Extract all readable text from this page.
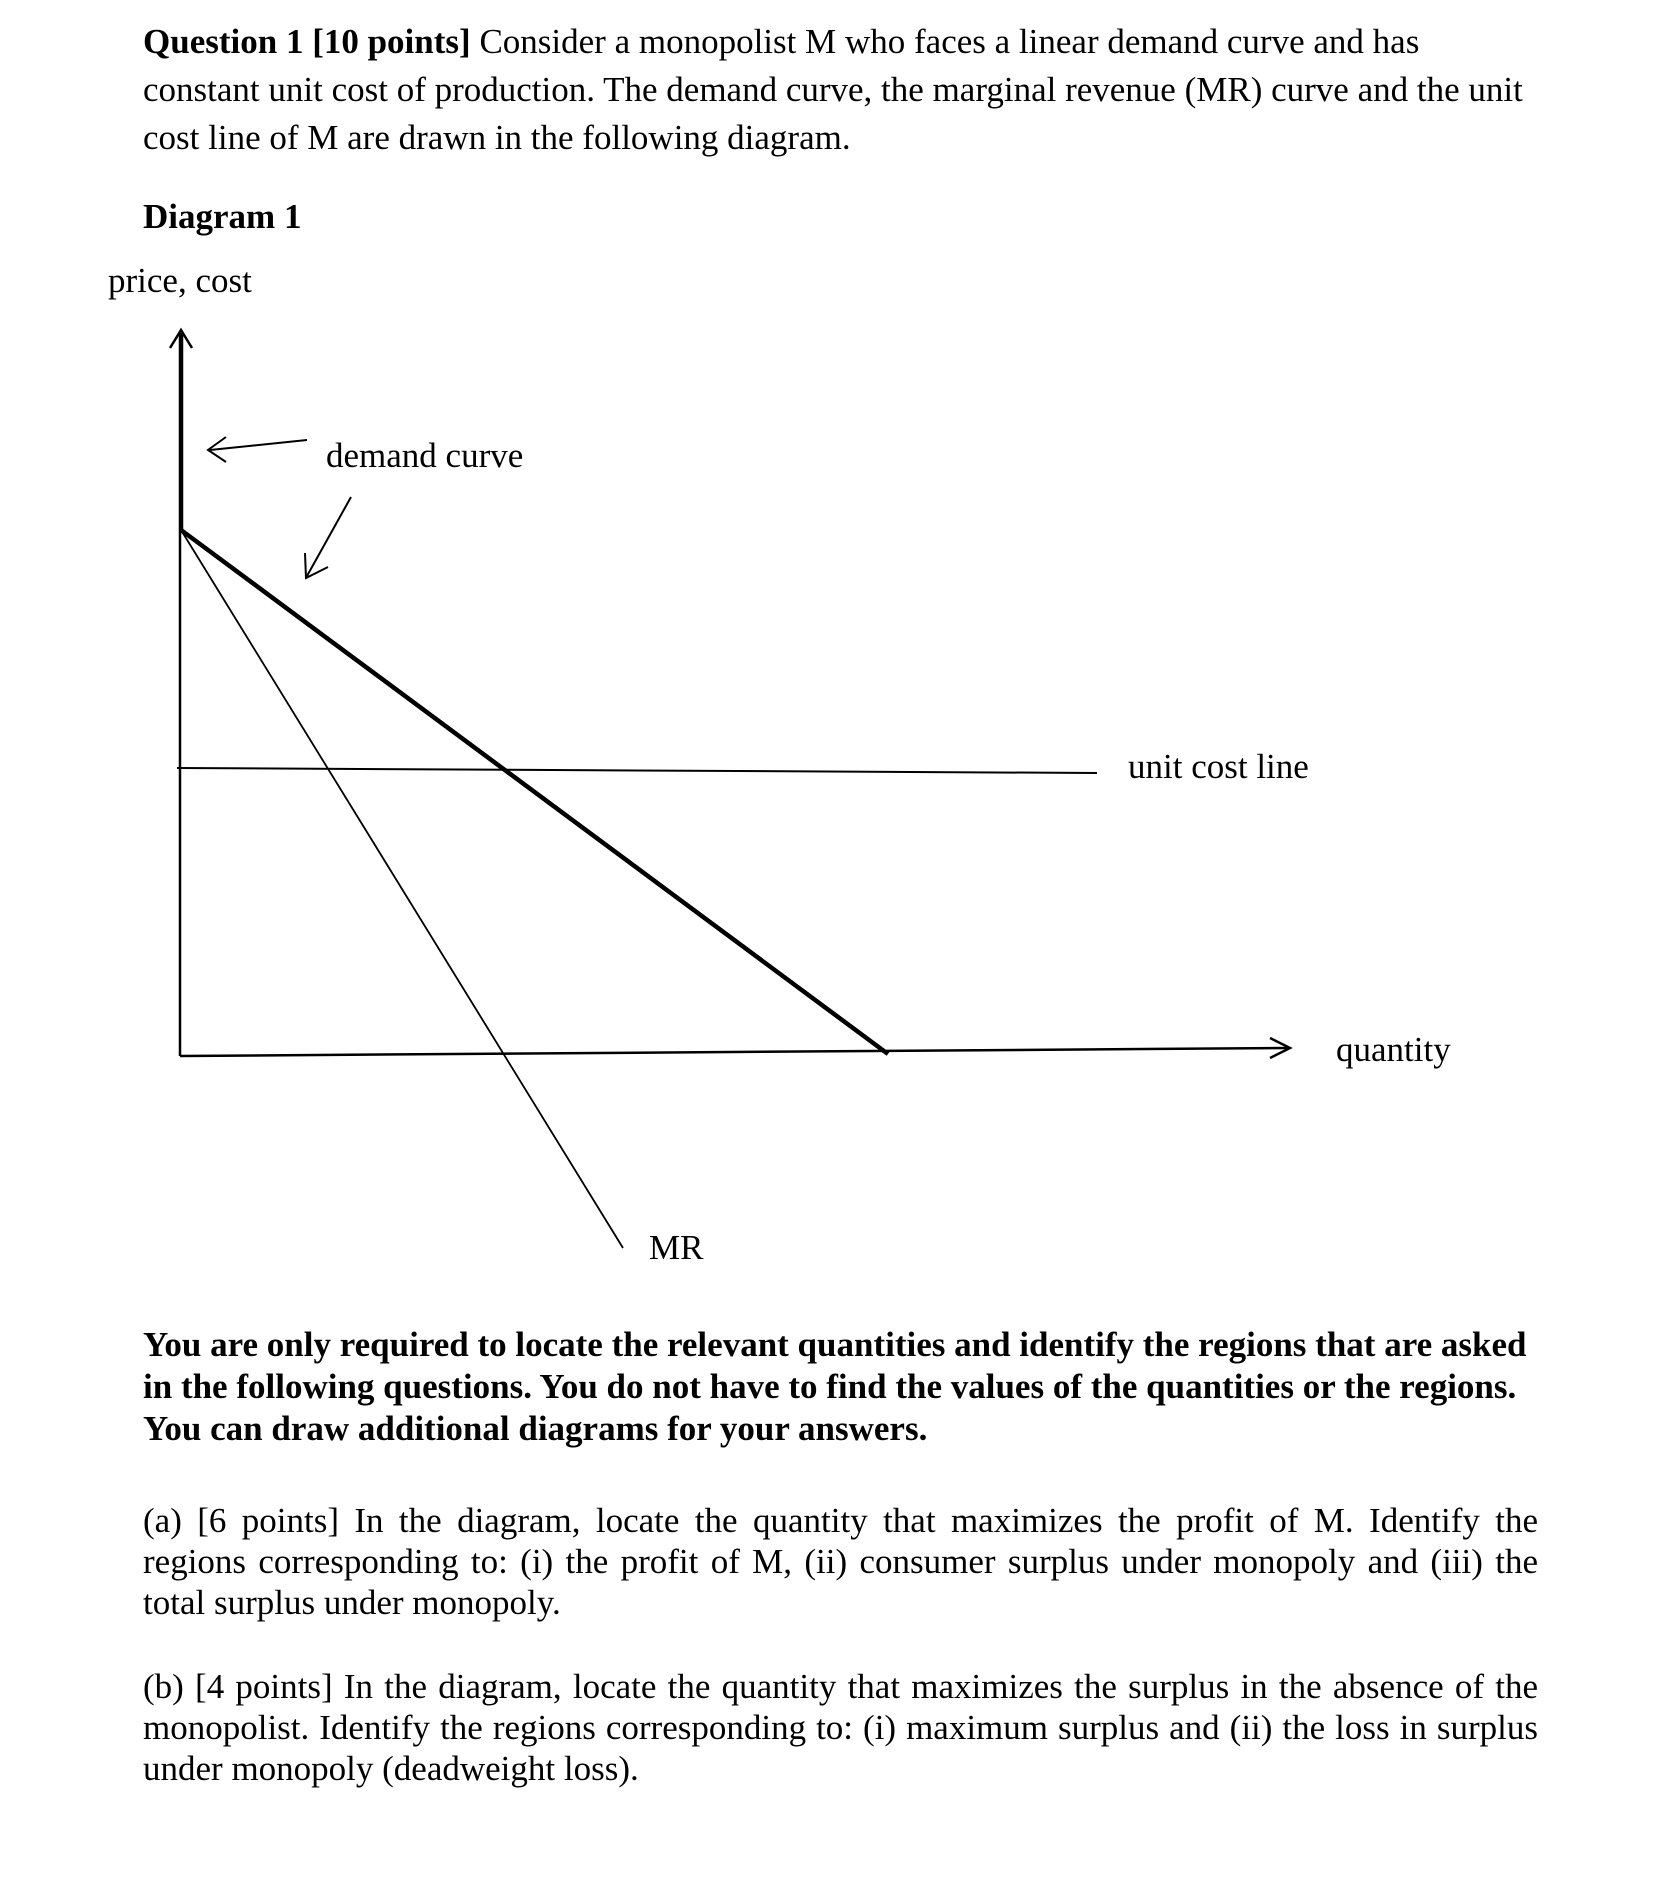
Question 1 [10 points] Consider a monopolist M who faces a linear demand curve and has constant unit cost of production. The demand curve, the marginal revenue (MR) curve and the unit cost line of M are drawn in the following diagram.
Diagram 1
price, cost
quantity
MR
unit cost line
demand curve
You are only required to locate the relevant quantities and identify the regions that are asked in the following questions. You do not have to find the values of the quantities or the regions. You can draw additional diagrams for your answers.
(a) [6 points] In the diagram, locate the quantity that maximizes the profit of M. Identify the regions corresponding to: (i) the profit of M, (ii) consumer surplus under monopoly and (iii) the total surplus under monopoly.
(b) [4 points] In the diagram, locate the quantity that maximizes the surplus in the absence of the monopolist. Identify the regions corresponding to: (i) maximum surplus and (ii) the loss in surplus under monopoly (deadweight loss).
